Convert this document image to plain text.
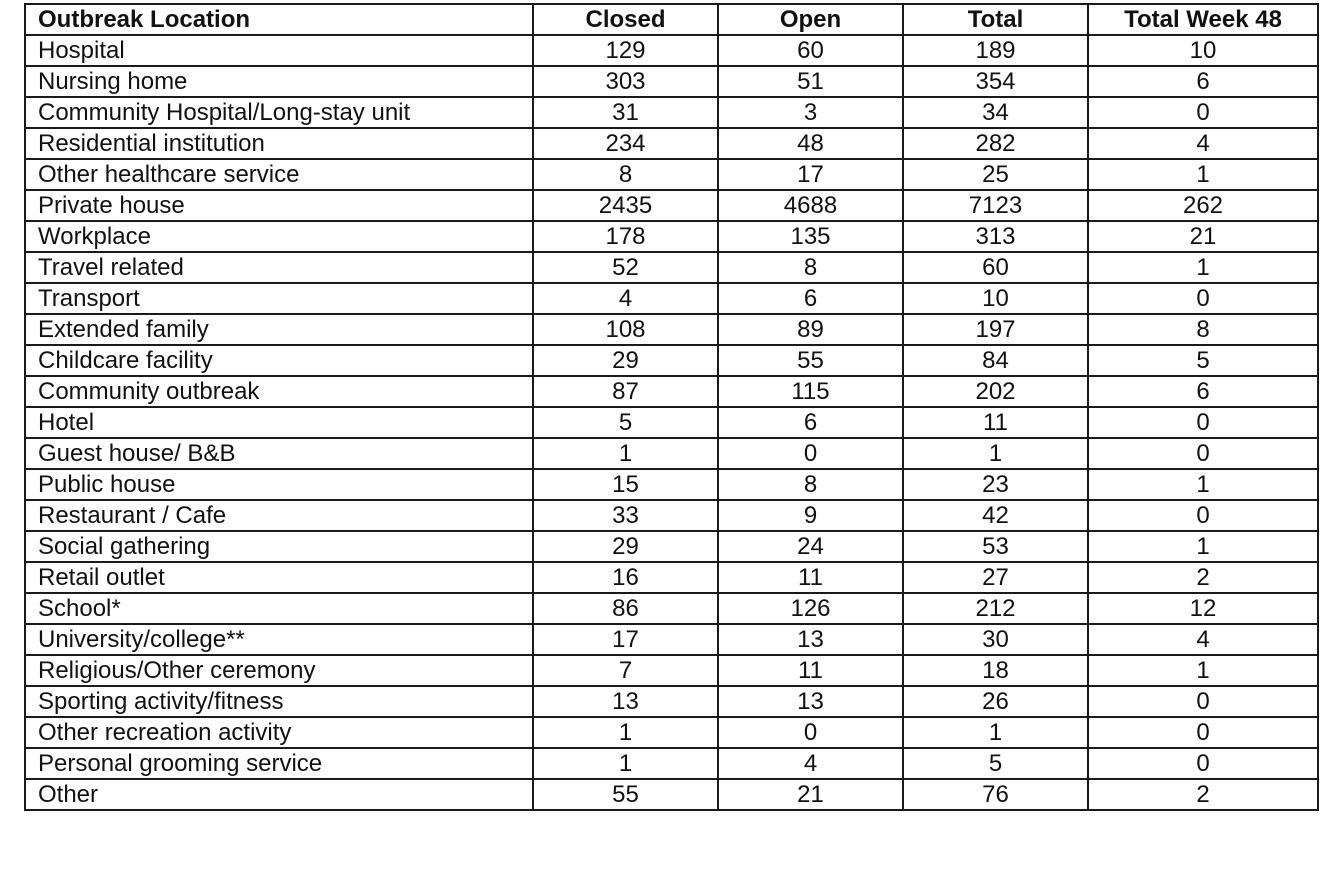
Outbreak Location	Closed	Open	Total	Total Week 48
Hospital	129	60	189	10
Nursing home	303	51	354	6
Community Hospital/Long-stay unit	31	3	34	0
Residential institution	234	48	282	4
Other healthcare service	8	17	25	1
Private house	2435	4688	7123	262
Workplace	178	135	313	21
Travel related	52	8	60	1
Transport	4	6	10	0
Extended family	108	89	197	8
Childcare facility	29	55	84	5
Community outbreak	87	115	202	6
Hotel	5	6	11	0
Guest house/ B&B	1	0	1	0
Public house	15	8	23	1
Restaurant / Cafe	33	9	42	0
Social gathering	29	24	53	1
Retail outlet	16	11	27	2
School*	86	126	212	12
University/college**	17	13	30	4
Religious/Other ceremony	7	11	18	1
Sporting activity/fitness	13	13	26	0
Other recreation activity	1	0	1	0
Personal grooming service	1	4	5	0
Other	55	21	76	2
